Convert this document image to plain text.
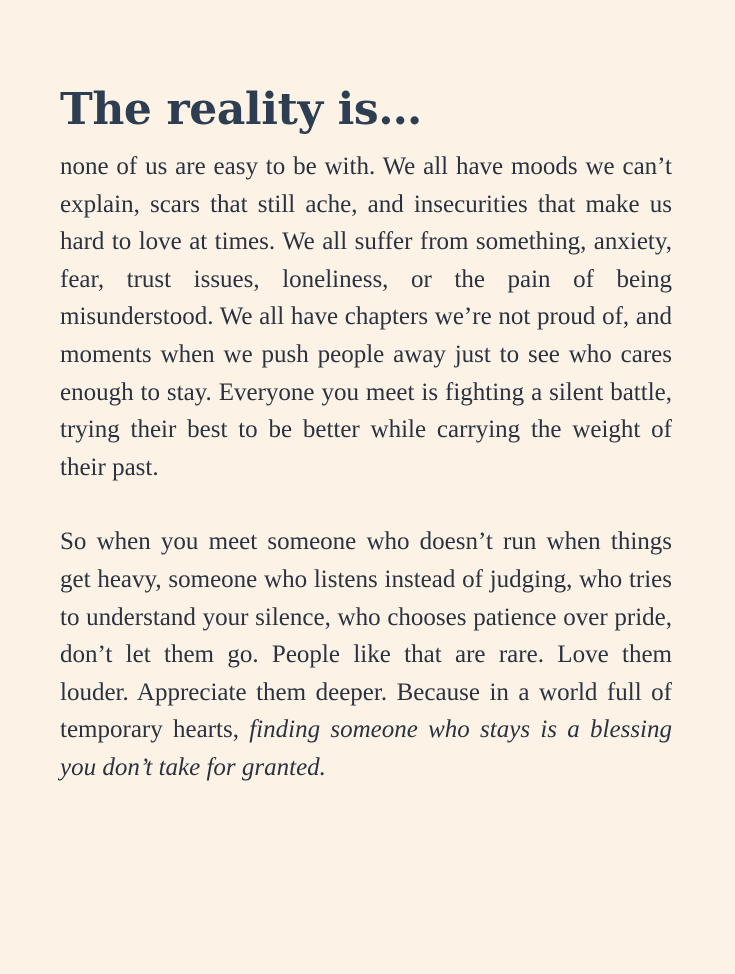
The reality is…

none of us are easy to be with. We all have moods we can’t explain, scars that still ache, and insecurities that make us hard to love at times. We all suffer from something, anxiety, fear, trust issues, loneliness, or the pain of being misunderstood. We all have chapters we’re not proud of, and moments when we push people away just to see who cares enough to stay. Everyone you meet is fighting a silent battle, trying their best to be better while carrying the weight of their past.

So when you meet someone who doesn’t run when things get heavy, someone who listens instead of judging, who tries to understand your silence, who chooses patience over pride, don’t let them go. People like that are rare. Love them louder. Appreciate them deeper. Because in a world full of temporary hearts, finding someone who stays is a blessing you don’t take for granted.
